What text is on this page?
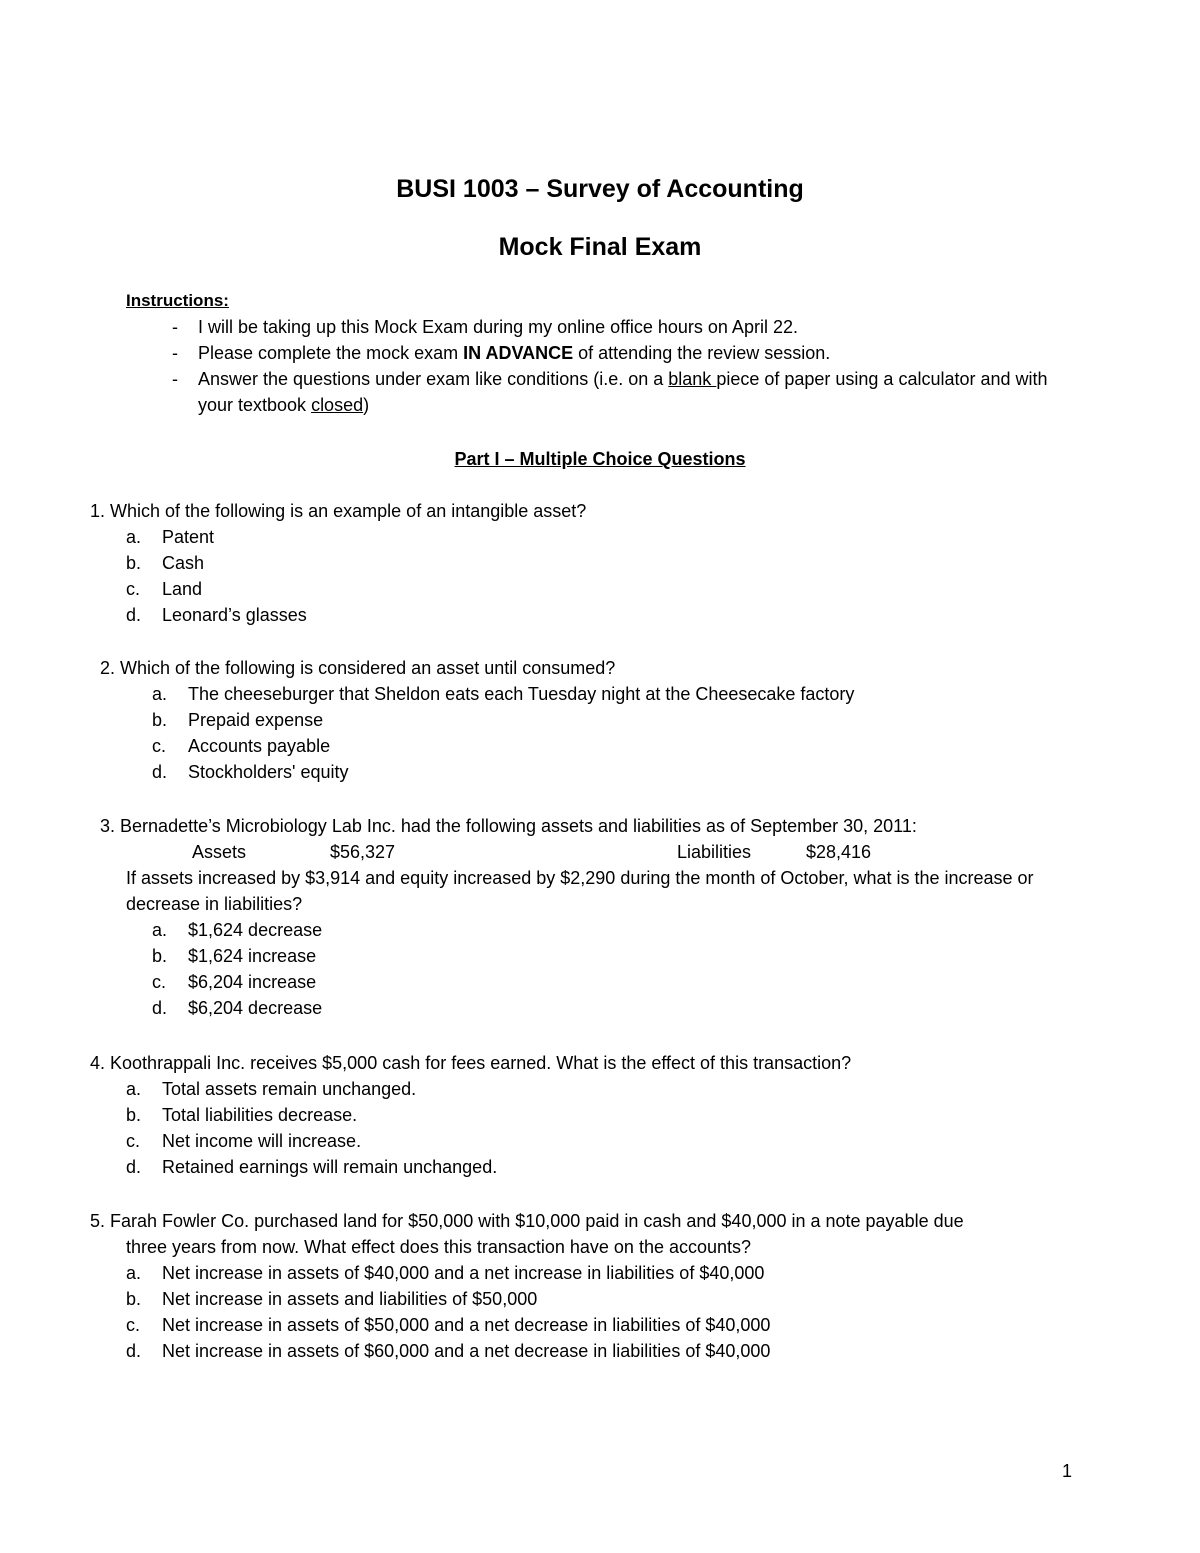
BUSI 1003 – Survey of Accounting
Mock Final Exam
Instructions:
- I will be taking up this Mock Exam during my online office hours on April 22.
- Please complete the mock exam IN ADVANCE of attending the review session.
- Answer the questions under exam like conditions (i.e. on a blank piece of paper using a calculator and with your textbook closed)
Part I – Multiple Choice Questions

1. Which of the following is an example of an intangible asset?

a. Patent
b. Cash
c. Land
d. Leonard’s glasses

2. Which of the following is considered an asset until consumed?

a. The cheeseburger that Sheldon eats each Tuesday night at the Cheesecake factory
b. Prepaid expense
c. Accounts payable
d. Stockholders' equity

3. Bernadette’s Microbiology Lab Inc. had the following assets and liabilities as of September 30, 2011:

Assets	$56,327	Liabilities	$28,416

If assets increased by $3,914 and equity increased by $2,290 during the month of October, what is the increase or decrease in liabilities?

a. $1,624 decrease
b. $1,624 increase
c. $6,204 increase
d. $6,204 decrease

4. Koothrappali Inc. receives $5,000 cash for fees earned. What is the effect of this transaction?

a. Total assets remain unchanged.
b. Total liabilities decrease.
c. Net income will increase.
d. Retained earnings will remain unchanged.

5. Farah Fowler Co. purchased land for $50,000 with $10,000 paid in cash and $40,000 in a note payable due

three years from now. What effect does this transaction have on the accounts?

a. Net increase in assets of $40,000 and a net increase in liabilities of $40,000
b. Net increase in assets and liabilities of $50,000
c. Net increase in assets of $50,000 and a net decrease in liabilities of $40,000
d. Net increase in assets of $60,000 and a net decrease in liabilities of $40,000
1
